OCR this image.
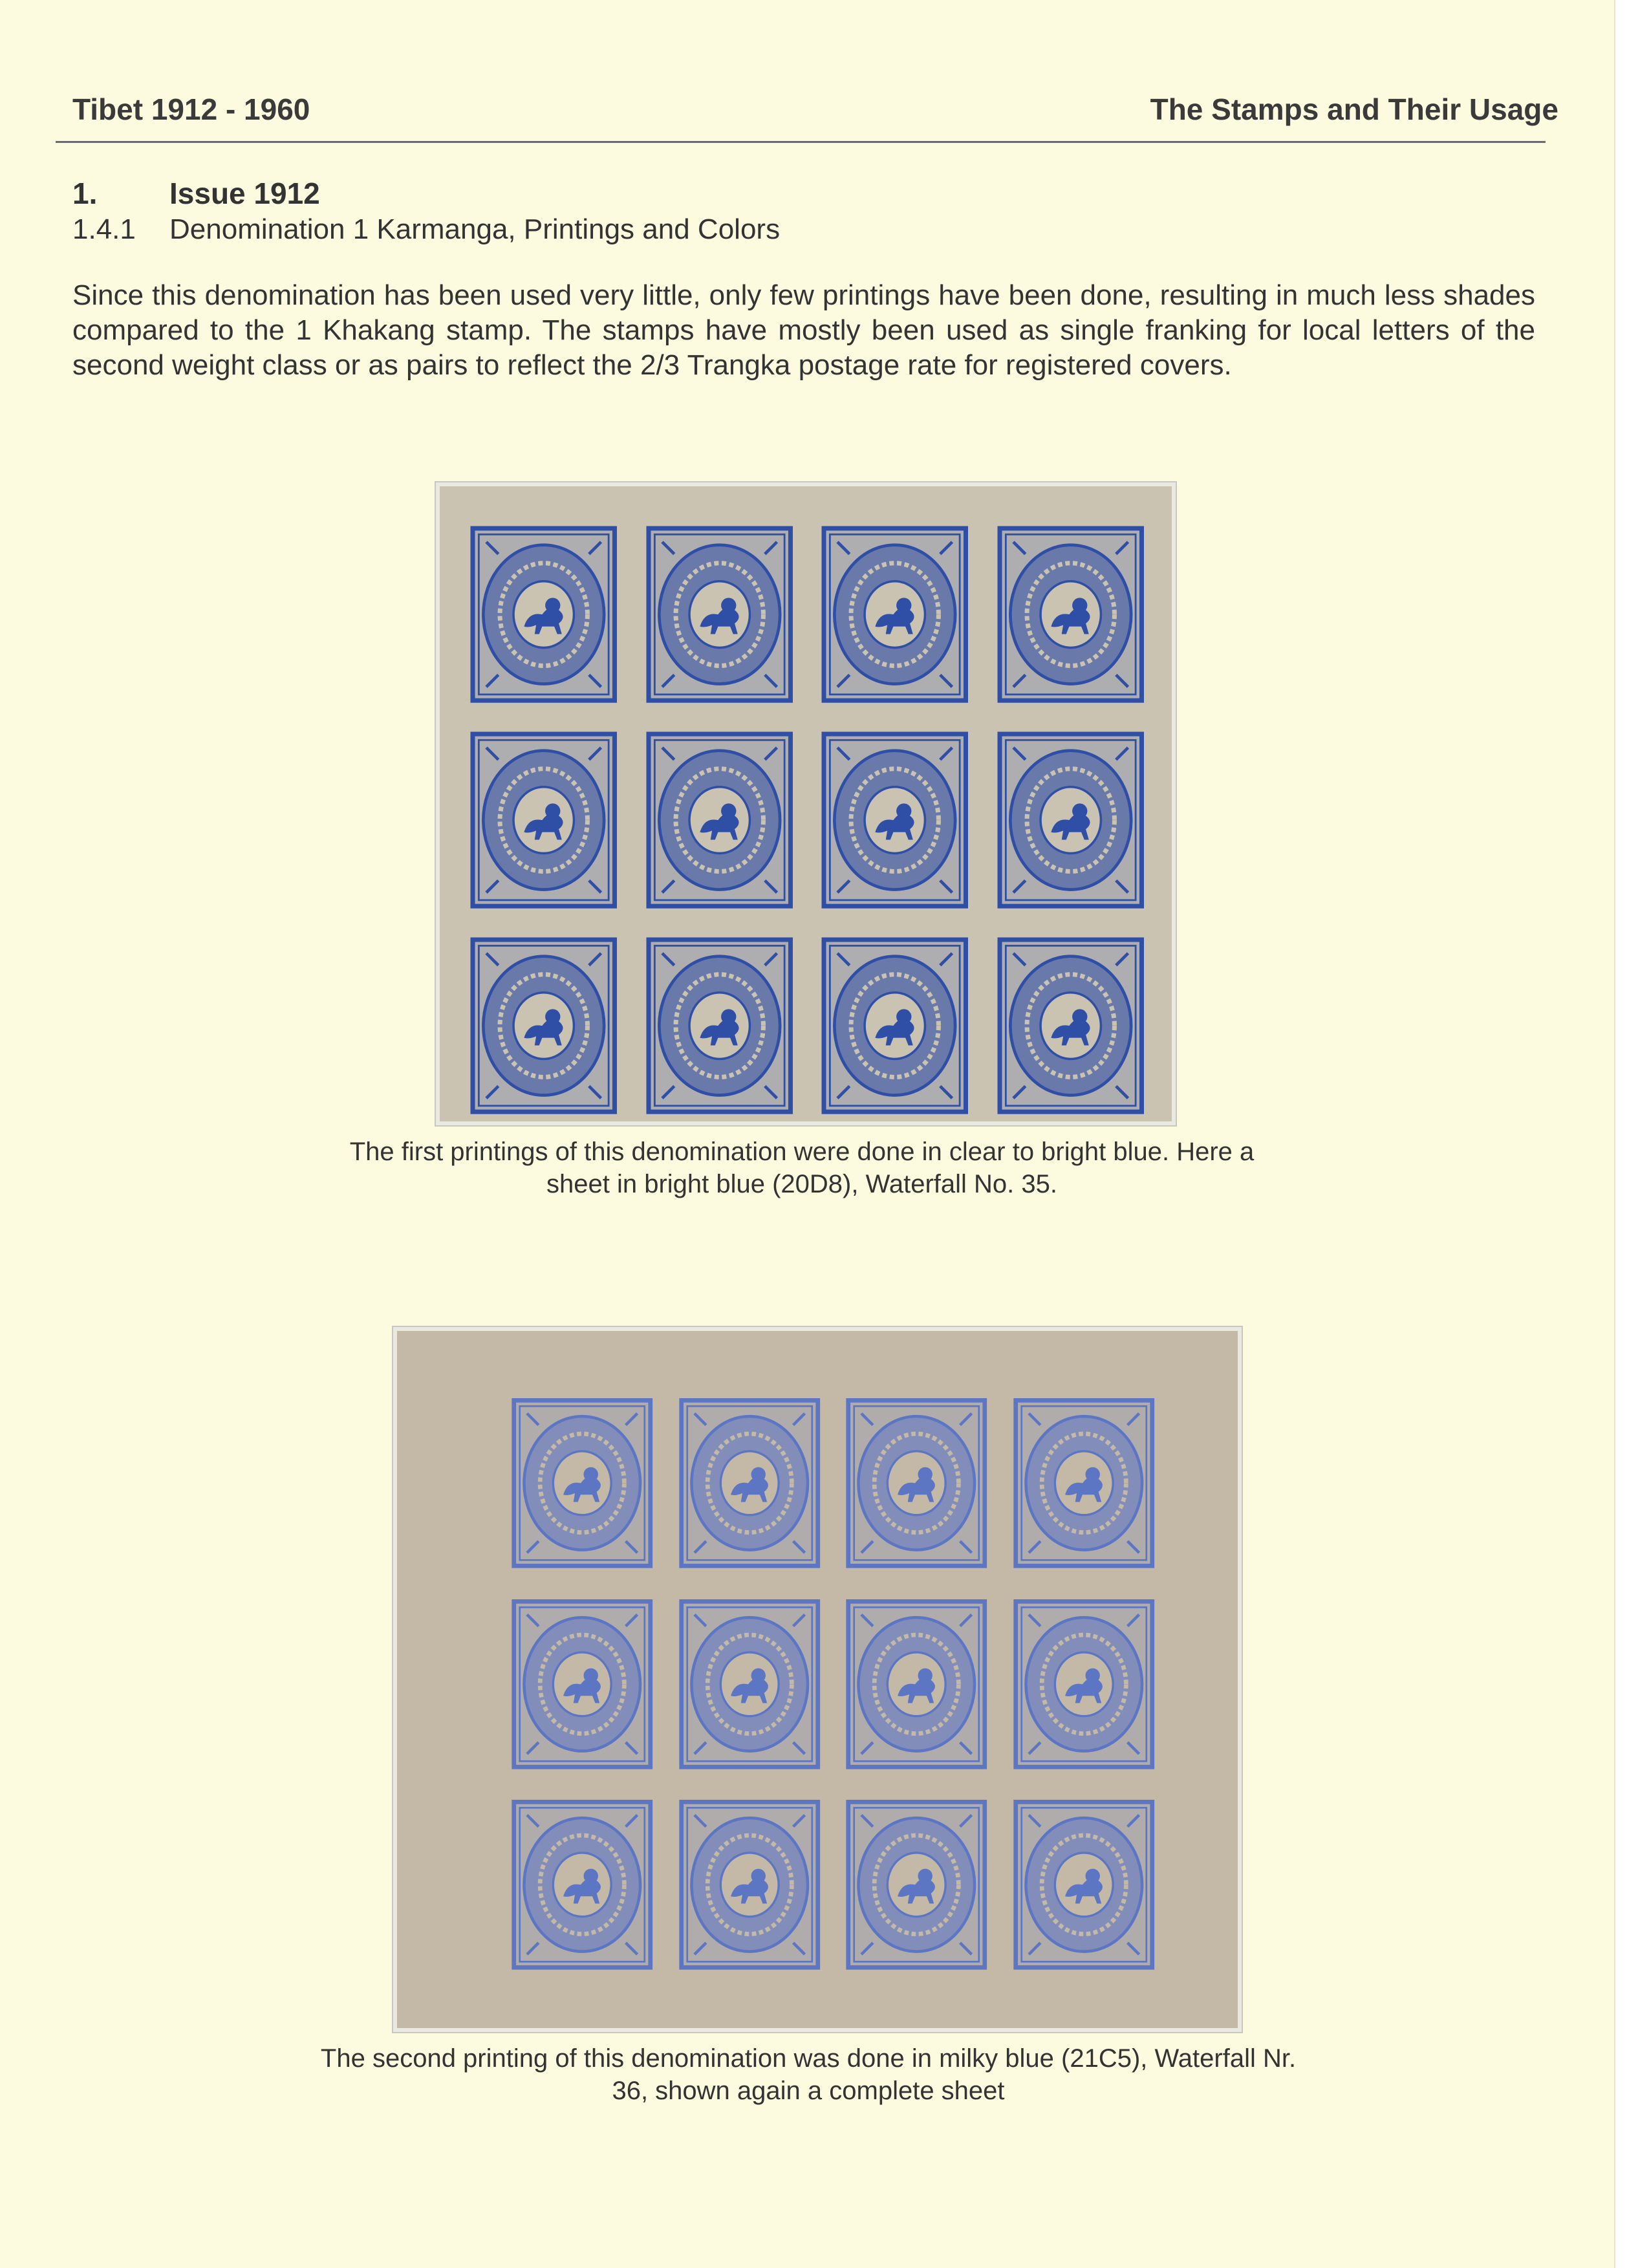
Tibet 1912 - 1960	The Stamps and Their Usage
1. Issue 1912
1.4.1 Denomination 1 Karmanga, Printings and Colors
Since this denomination has been used very little, only few printings have been done, resulting in much less shades compared to the 1 Khakang stamp. The stamps have mostly been used as single franking for local letters of the second weight class or as pairs to reflect the 2/3 Trangka postage rate for registered covers.
The first printings of this denomination were done in clear to bright blue. Here a sheet in bright blue (20D8), Waterfall No. 35.
The second printing of this denomination was done in milky blue (21C5), Waterfall Nr. 36, shown again a complete sheet
